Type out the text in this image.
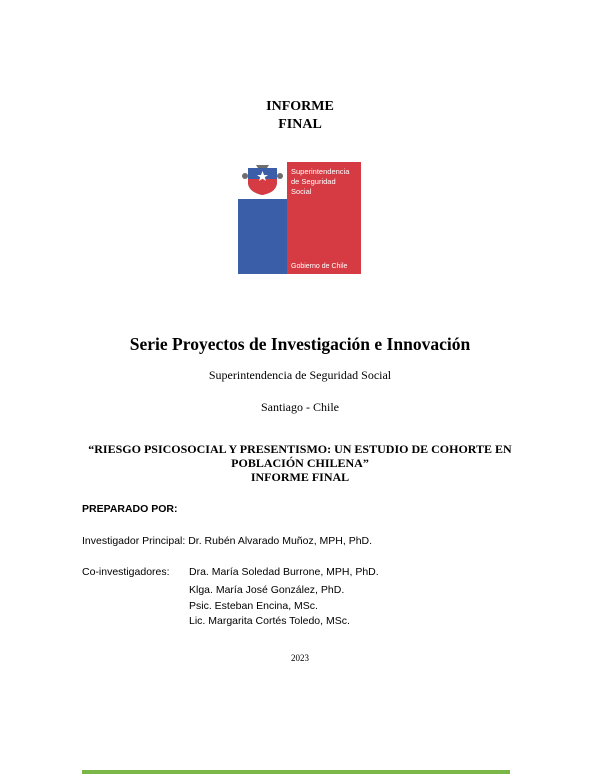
INFORME
FINAL
Superintendencia
de Seguridad
Social
Gobierno de Chile
Serie Proyectos de Investigación e Innovación
Superintendencia de Seguridad Social
Santiago - Chile
“RIESGO PSICOSOCIAL Y PRESENTISMO: UN ESTUDIO DE COHORTE EN
POBLACIÓN CHILENA”
INFORME FINAL
PREPARADO POR:
Investigador Principal: Dr. Rubén Alvarado Muñoz, MPH, PhD.
Co-investigadores: Dra. María Soledad Burrone, MPH, PhD.
Klga. María José González, PhD.
Psic. Esteban Encina, MSc.
Lic. Margarita Cortés Toledo, MSc.
2023
